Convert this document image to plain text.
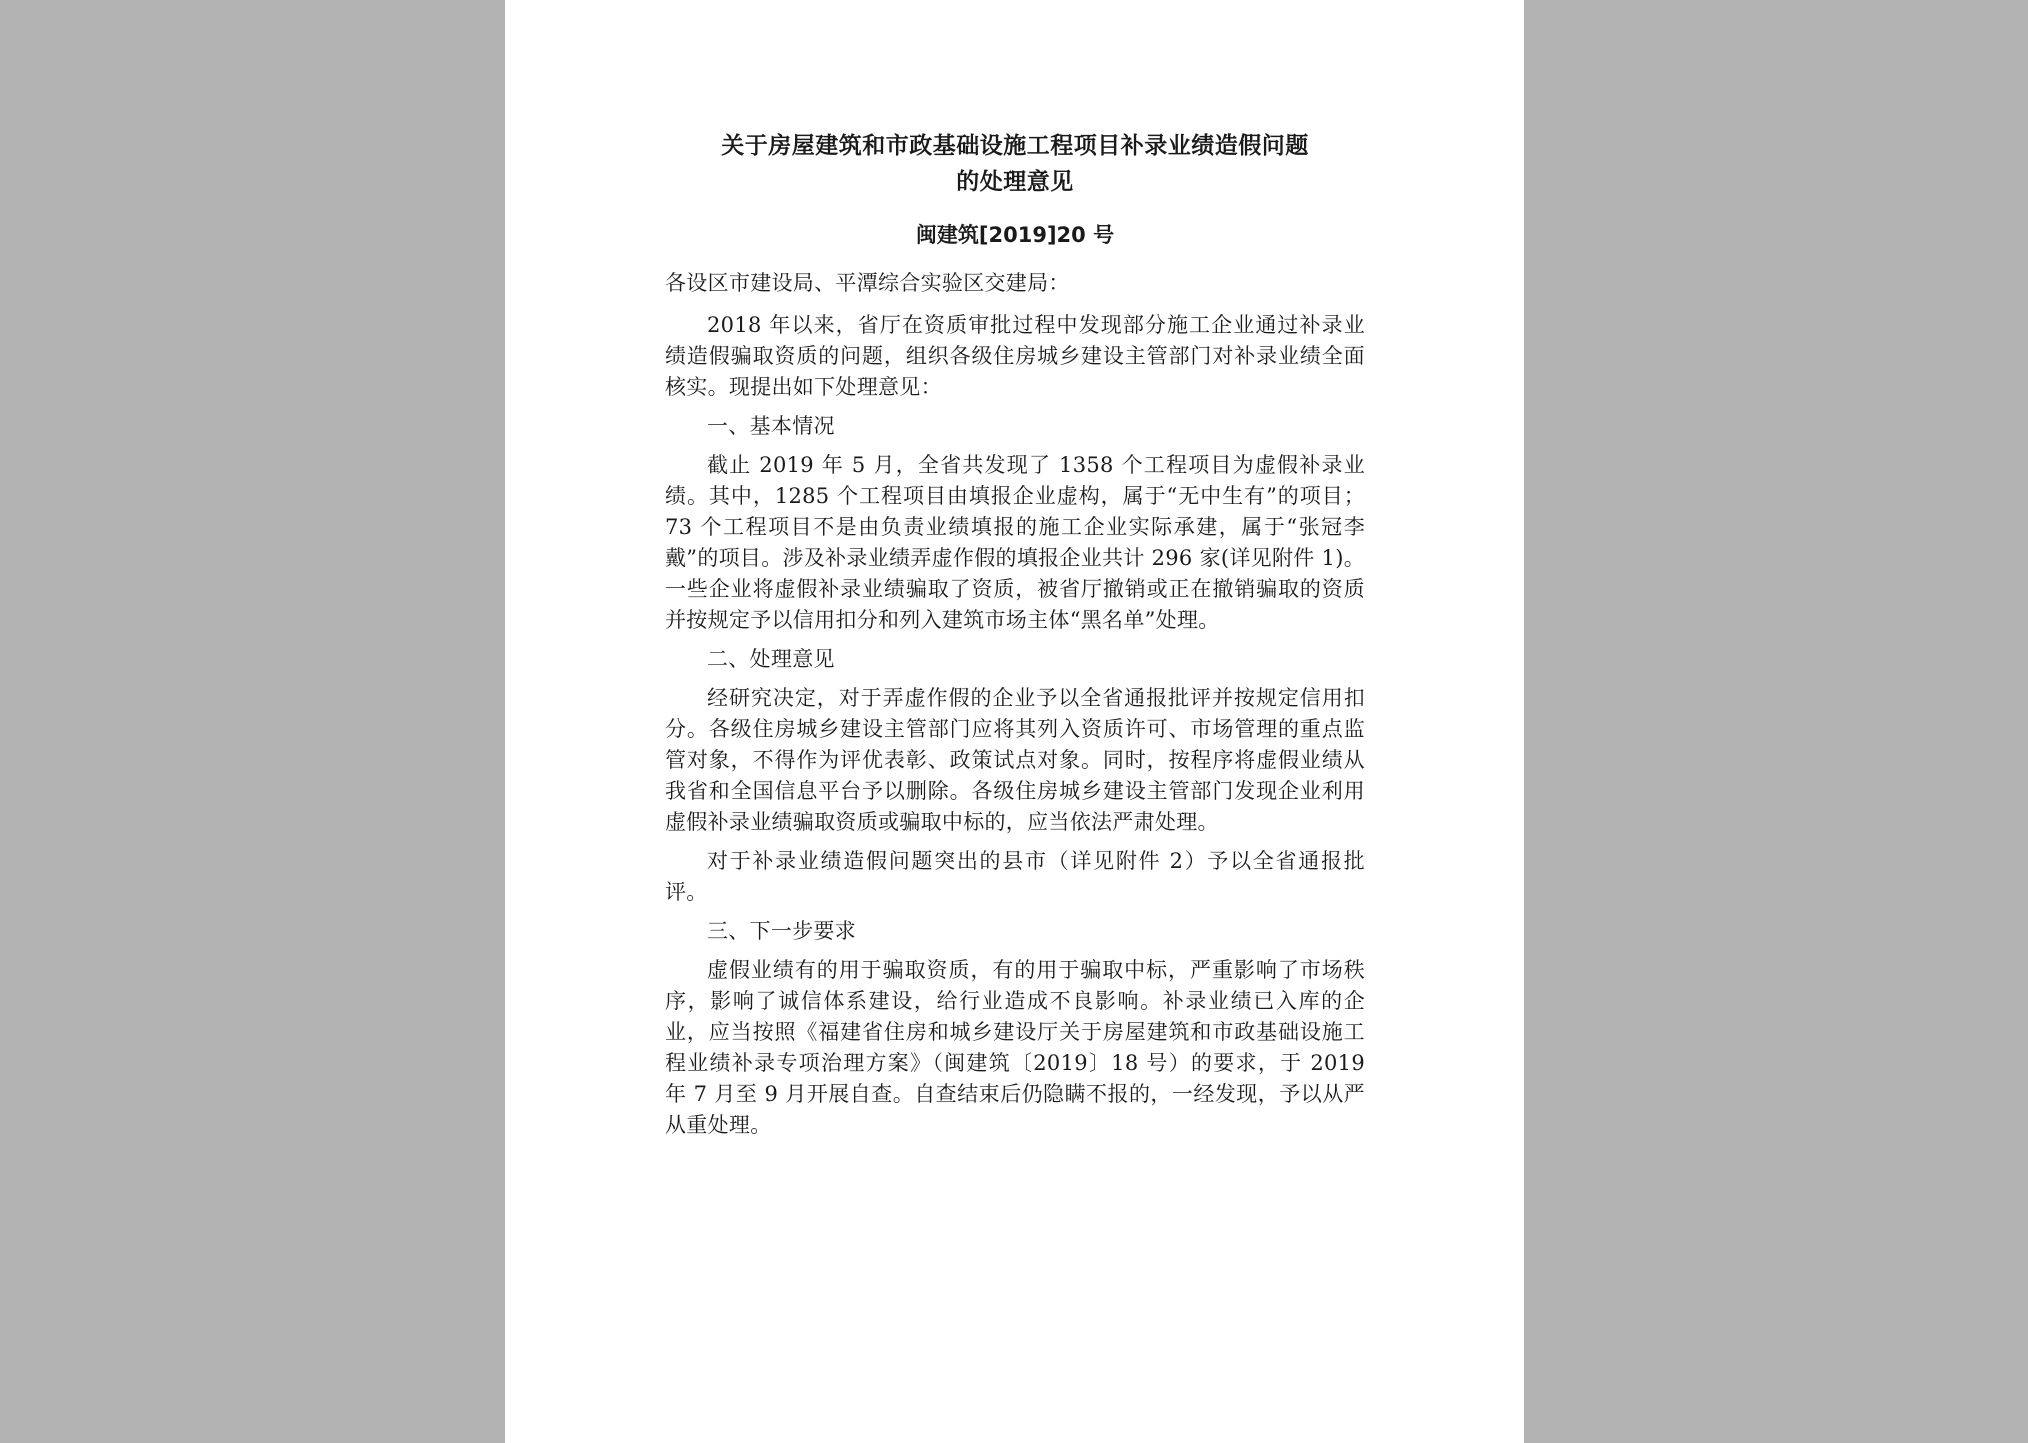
关于房屋建筑和市政基础设施工程项目补录业绩造假问题
的处理意见
闽建筑[2019]20 号

各设区市建设局、平潭综合实验区交建局：

2018 年以来，省厅在资质审批过程中发现部分施工企业通过补录业绩造假骗取资质的问题，组织各级住房城乡建设主管部门对补录业绩全面核实。现提出如下处理意见：

一、基本情况

截止 2019 年 5 月，全省共发现了 1358 个工程项目为虚假补录业绩。其中，1285 个工程项目由填报企业虚构，属于“无中生有”的项目；73 个工程项目不是由负责业绩填报的施工企业实际承建，属于“张冠李戴”的项目。涉及补录业绩弄虚作假的填报企业共计 296 家(详见附件 1)。一些企业将虚假补录业绩骗取了资质，被省厅撤销或正在撤销骗取的资质并按规定予以信用扣分和列入建筑市场主体“黑名单”处理。

二、处理意见

经研究决定，对于弄虚作假的企业予以全省通报批评并按规定信用扣分。各级住房城乡建设主管部门应将其列入资质许可、市场管理的重点监管对象，不得作为评优表彰、政策试点对象。同时，按程序将虚假业绩从我省和全国信息平台予以删除。各级住房城乡建设主管部门发现企业利用虚假补录业绩骗取资质或骗取中标的，应当依法严肃处理。

对于补录业绩造假问题突出的县市（详见附件 2）予以全省通报批评。

三、下一步要求

虚假业绩有的用于骗取资质，有的用于骗取中标，严重影响了市场秩序，影响了诚信体系建设，给行业造成不良影响。补录业绩已入库的企业，应当按照《福建省住房和城乡建设厅关于房屋建筑和市政基础设施工程业绩补录专项治理方案》（闽建筑〔2019〕18 号）的要求，于 2019 年 7 月至 9 月开展自查。自查结束后仍隐瞒不报的，一经发现，予以从严从重处理。
